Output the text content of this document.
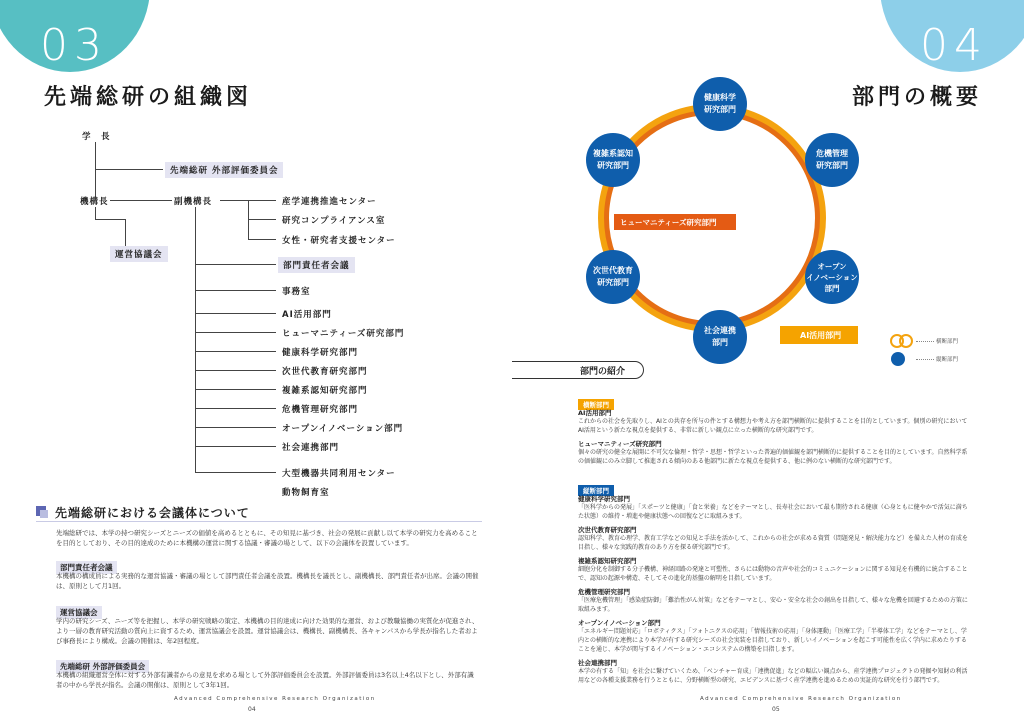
03
先端総研の組織図
学　長
先端総研 外部評価委員会
機構長	副機構長
運営協議会
産学連携推進センター
研究コンプライアンス室
女性・研究者支援センター
部門責任者会議
事務室
AI活用部門
ヒューマニティーズ研究部門
健康科学研究部門
次世代教育研究部門
複雑系認知研究部門
危機管理研究部門
オープンイノベーション部門
社会連携部門
大型機器共同利用センター
動物飼育室
先端総研における会議体について
先端総研では、本学の持つ研究シーズとニーズの価値を高めるとともに、その知見に基づき、社会の発展に貢献し以て本学の研究力を高めることを目的としており、その目的達成のために本機構の運営に関する協議・審議の場として、以下の会議体を設置しています。
部門責任者会議
本機構の構成員による実務的な運営協議・審議の場として部門責任者会議を設置。機構長を議長とし、副機構長、部門責任者が出席。会議の開催は、原則として月1回。
運営協議会
学内の研究シーズ、ニーズ等を把握し、本学の研究戦略の策定、本機構の目的達成に向けた効果的な運営、および教職協働の実質化が促進され、より一層の教育研究活動の質向上に資するため、運営協議会を設置。運営協議会は、機構長、副機構長、各キャンパスから学長が指名した者および事務長により構成。会議の開催は、年2回程度。
先端総研 外部評価委員会
本機構の組織運営全体に対する外部有識者からの意見を求める場として外部評価委員会を設置。外部評価委員は3名以上4名以下とし、外部有識者の中から学長が指名。会議の開催は、原則として3年1回。
Advanced Comprehensive Research Organization
04
04
部門の概要
ヒューマニティーズ研究部門
AI活用部門
健康科学
研究部門
危機管理
研究部門
オープン
イノベーション
部門
社会連携
部門
次世代教育
研究部門
複雑系認知
研究部門
横断部門
縦断部門
部門の紹介
横断部門
AI活用部門
これからの社会を先取りし、AIとの共存を所与の件とする構想力や考え方を部門横断的に提供することを目的としています。個別の研究において AI活用という新たな視点を提供する、非常に新しい観点に立った横断的な研究部門です。
ヒューマニティーズ研究部門
個々の研究の健全な展開に不可欠な倫理・哲学・思想・哲学といった普遍的価値観を部門横断的に提供することを目的としています。自然科学系の価値観にのみ立脚して推進される傾向のある他部門に新たな視点を提供する、他に例のない横断的な研究部門です。
縦断部門
健康科学研究部門
「医科学からの発展」「スポーツと健康」「食と栄養」などをテーマとし、長寿社会において最も期待される健康（心身ともに健やかで活気に満ちた状態）の維持・増進や健康状態への回復などに取組みます。
次世代教育研究部門
認知科学、教育心理学、教育工学などの知見と手法を活かして、これからの社会が求める資質（問題発見・解決能力など）を備えた人材の育成を目指し、様々な実践的教育のあり方を探る研究部門です。
複雑系認知研究部門
細胞分化を制御する分子機構、神経回路の発達と可塑性、さらには動物の音声や社会的コミュニケーションに関する知見を有機的に統合することで、認知の起源や構造、そしてその進化的基盤の解明を目指しています。
危機管理研究部門
「医療危機管理」「感染症防御」「難治性がん対策」などをテーマとし、安心・安全な社会の創出を目指して、様々な危機を回避するための方策に取組みます。
オープンイノベーション部門
「エネルギー問題対応」「ロボティクス」「フォトニクスの応用」「情報技術の応用」「身体運動」「医療工学」「半導体工学」などをテーマとし、学内との横断的な連携により本学が有する研究シーズの社会実装を目指しており、新しいイノベーションを起こす可能性を広く学内に求めたりすることを通じ、本学が関与するイノベーション・エコシステムの構築を目指します。
社会連携部門
本学の有する「知」を社会に繋げていくため、「ベンチャー育成」「連携促進」などの幅広い観点から、産学連携プロジェクトの発掘や知財の利活用などの各種支援業務を行うとともに、分野横断型の研究、エビデンスに基づく産学連携を進めるための実証的な研究を行う部門です。
Advanced Comprehensive Research Organization
05
